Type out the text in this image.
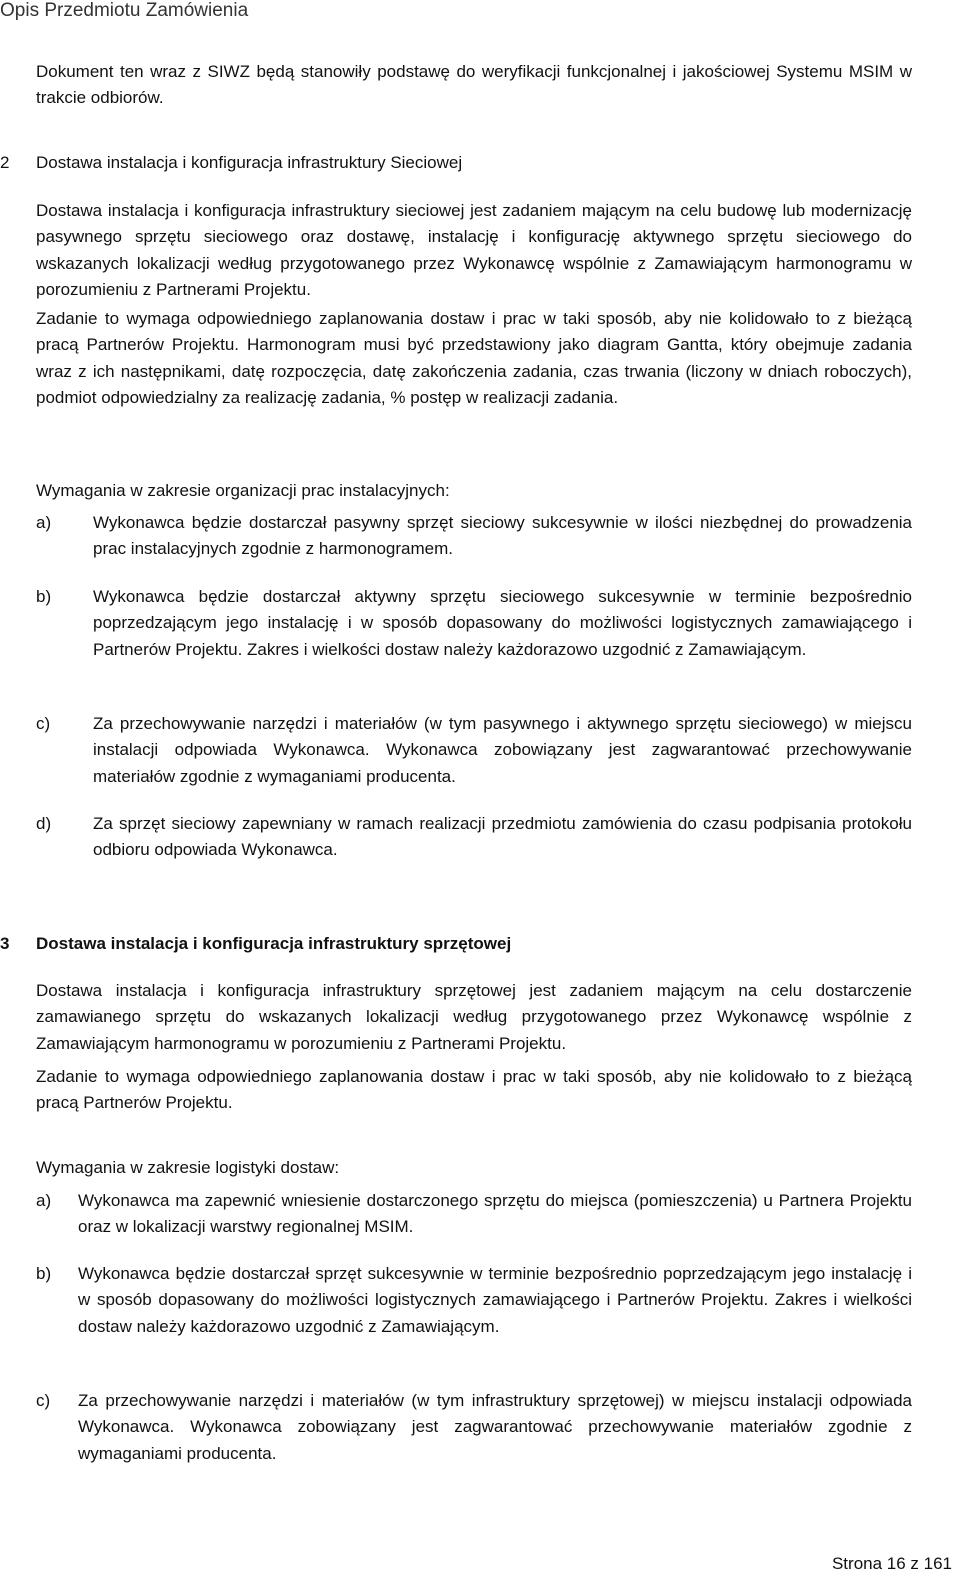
Opis Przedmiotu Zamówienia

Dokument ten wraz z SIWZ będą stanowiły podstawę do weryfikacji funkcjonalnej i jakościowej Systemu MSIM w trakcie odbiorów.

2 Dostawa instalacja i konfiguracja infrastruktury Sieciowej

Dostawa instalacja i konfiguracja infrastruktury sieciowej jest zadaniem mającym na celu budowę lub modernizację pasywnego sprzętu sieciowego oraz dostawę, instalację i konfigurację aktywnego sprzętu sieciowego do wskazanych lokalizacji według przygotowanego przez Wykonawcę wspólnie z Zamawiającym harmonogramu w porozumieniu z Partnerami Projektu.

Zadanie to wymaga odpowiedniego zaplanowania dostaw i prac w taki sposób, aby nie kolidowało to z bieżącą pracą Partnerów Projektu. Harmonogram musi być przedstawiony jako diagram Gantta, który obejmuje zadania wraz z ich następnikami, datę rozpoczęcia, datę zakończenia zadania, czas trwania (liczony w dniach roboczych), podmiot odpowiedzialny za realizację zadania, % postęp w realizacji zadania.

Wymagania w zakresie organizacji prac instalacyjnych:

a) Wykonawca będzie dostarczał pasywny sprzęt sieciowy sukcesywnie w ilości niezbędnej do prowadzenia prac instalacyjnych zgodnie z harmonogramem.

b) Wykonawca będzie dostarczał aktywny sprzętu sieciowego sukcesywnie w terminie bezpośrednio poprzedzającym jego instalację i w sposób dopasowany do możliwości logistycznych zamawiającego i Partnerów Projektu. Zakres i wielkości dostaw należy każdorazowo uzgodnić z Zamawiającym.

c)	Za przechowywanie narzędzi i materiałów (w tym pasywnego i aktywnego sprzętu sieciowego) w miejscu instalacji odpowiada Wykonawca. Wykonawca zobowiązany jest zagwarantować przechowywanie materiałów zgodnie z wymaganiami producenta.

d) Za sprzęt sieciowy zapewniany w ramach realizacji przedmiotu zamówienia do czasu podpisania protokołu odbioru odpowiada Wykonawca.

3 Dostawa instalacja i konfiguracja infrastruktury sprzętowej

Dostawa instalacja i konfiguracja infrastruktury sprzętowej jest zadaniem mającym na celu dostarczenie zamawianego sprzętu do wskazanych lokalizacji według przygotowanego przez Wykonawcę wspólnie z Zamawiającym harmonogramu w porozumieniu z Partnerami Projektu.

Zadanie to wymaga odpowiedniego zaplanowania dostaw i prac w taki sposób, aby nie kolidowało to z bieżącą pracą Partnerów Projektu.

Wymagania w zakresie logistyki dostaw:

a) Wykonawca ma zapewnić wniesienie dostarczonego sprzętu do miejsca (pomieszczenia) u Partnera Projektu oraz w lokalizacji warstwy regionalnej MSIM.

b) Wykonawca będzie dostarczał sprzęt sukcesywnie w terminie bezpośrednio poprzedzającym jego instalację i w sposób dopasowany do możliwości logistycznych zamawiającego i Partnerów Projektu. Zakres i wielkości dostaw należy każdorazowo uzgodnić z Zamawiającym.

c) Za przechowywanie narzędzi i materiałów (w tym infrastruktury sprzętowej) w miejscu instalacji odpowiada Wykonawca. Wykonawca zobowiązany jest zagwarantować przechowywanie materiałów zgodnie z wymaganiami producenta.

Strona 16 z 161
